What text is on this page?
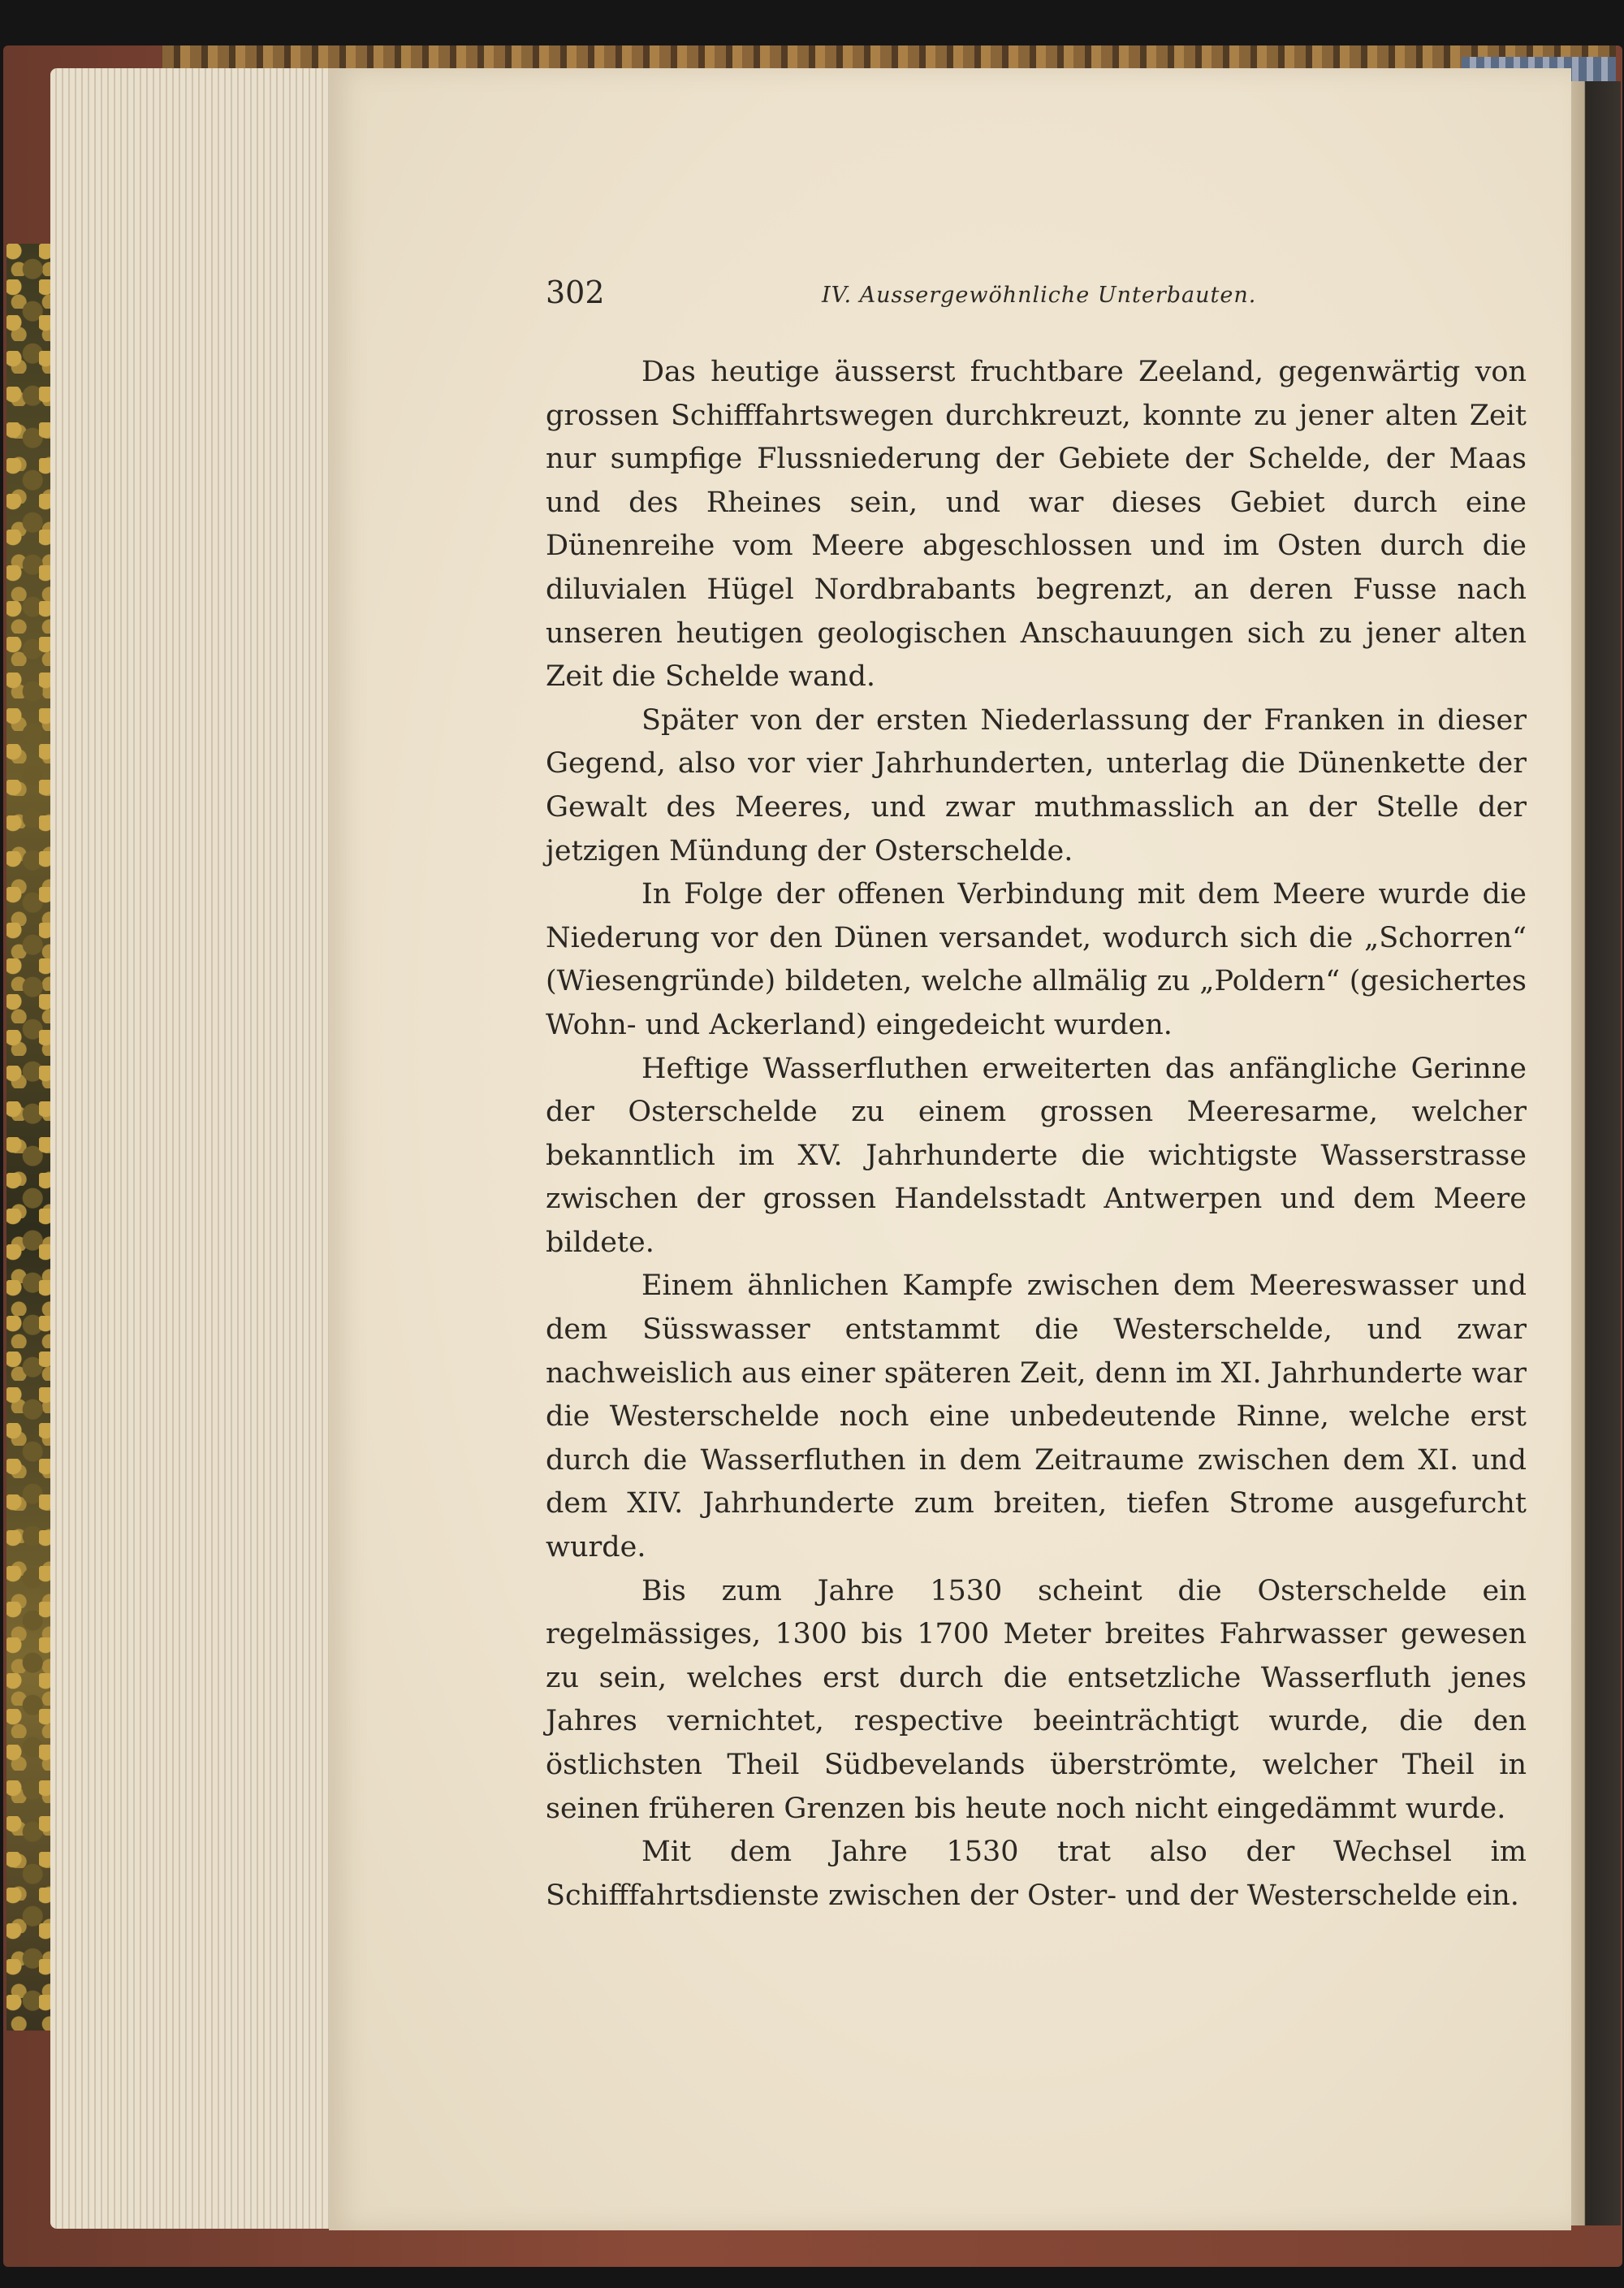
302	IV. Aussergewöhnliche Unterbauten.

Das heutige äusserst fruchtbare Zeeland, gegenwärtig von grossen Schifffahrtswegen durchkreuzt, konnte zu jener alten Zeit nur sumpfige Flussniederung der Gebiete der Schelde, der Maas und des Rheines sein, und war dieses Gebiet durch eine Dünenreihe vom Meere abgeschlossen und im Osten durch die diluvialen Hügel Nordbrabants begrenzt, an deren Fusse nach unseren heutigen geologischen Anschauungen sich zu jener alten Zeit die Schelde wand.

Später von der ersten Niederlassung der Franken in dieser Gegend, also vor vier Jahrhunderten, unterlag die Dünenkette der Gewalt des Meeres, und zwar muthmasslich an der Stelle der jetzigen Mündung der Osterschelde.

In Folge der offenen Verbindung mit dem Meere wurde die Niederung vor den Dünen versandet, wodurch sich die „Schorren“ (Wiesengründe) bildeten, welche allmälig zu „Poldern“ (gesichertes Wohn- und Ackerland) eingedeicht wurden.

Heftige Wasserfluthen erweiterten das anfängliche Gerinne der Osterschelde zu einem grossen Meeresarme, welcher bekanntlich im XV. Jahrhunderte die wichtigste Wasserstrasse zwischen der grossen Handelsstadt Antwerpen und dem Meere bildete.

Einem ähnlichen Kampfe zwischen dem Meereswasser und dem Süsswasser entstammt die Westerschelde, und zwar nachweislich aus einer späteren Zeit, denn im XI. Jahrhunderte war die Westerschelde noch eine unbedeutende Rinne, welche erst durch die Wasserfluthen in dem Zeitraume zwischen dem XI. und dem XIV. Jahrhunderte zum breiten, tiefen Strome ausgefurcht wurde.

Bis zum Jahre 1530 scheint die Osterschelde ein regelmässiges, 1300 bis 1700 Meter breites Fahrwasser gewesen zu sein, welches erst durch die entsetzliche Wasserfluth jenes Jahres vernichtet, respective beeinträchtigt wurde, die den östlichsten Theil Südbevelands überströmte, welcher Theil in seinen früheren Grenzen bis heute noch nicht eingedämmt wurde.

Mit dem Jahre 1530 trat also der Wechsel im Schifffahrtsdienste zwischen der Oster- und der Westerschelde ein.
